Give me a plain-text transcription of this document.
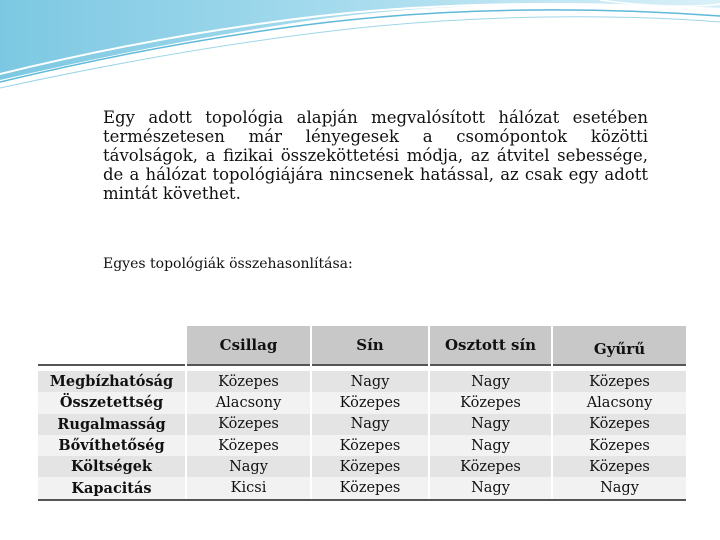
Egy adott topológia alapján megvalósított hálózat esetében természetesen már lényegesek a csomópontok közötti távolságok, a fizikai összeköttetési módja, az átvitel sebessége, de a hálózat topológiájára nincsenek hatással, az csak egy adott mintát követhet.
Egyes topológiák összehasonlítása:
	Csillag	Sín	Osztott sín	Gyűrű

Megbízhatóság	Közepes	Nagy	Nagy	Közepes
Összetettség	Alacsony	Közepes	Közepes	Alacsony
Rugalmasság	Közepes	Nagy	Nagy	Közepes
Bővíthetőség	Közepes	Közepes	Nagy	Közepes
Költségek	Nagy	Közepes	Közepes	Közepes
Kapacitás	Kicsi	Közepes	Nagy	Nagy
